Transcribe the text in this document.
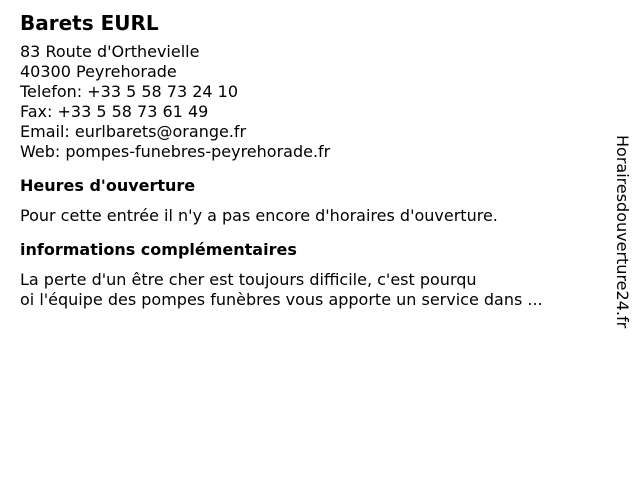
Barets EURL
83 Route d'Orthevielle
40300 Peyrehorade
Telefon: +33 5 58 73 24 10
Fax: +33 5 58 73 61 49
Email: eurlbarets@orange.fr
Web: pompes-funebres-peyrehorade.fr
Heures d'ouverture
Pour cette entrée il n'y a pas encore d'horaires d'ouverture.
informations complémentaires
La perte d'un être cher est toujours difficile, c'est pourqu
oi l'équipe des pompes funèbres vous apporte un service dans ...	Horairesdouverture24.fr
